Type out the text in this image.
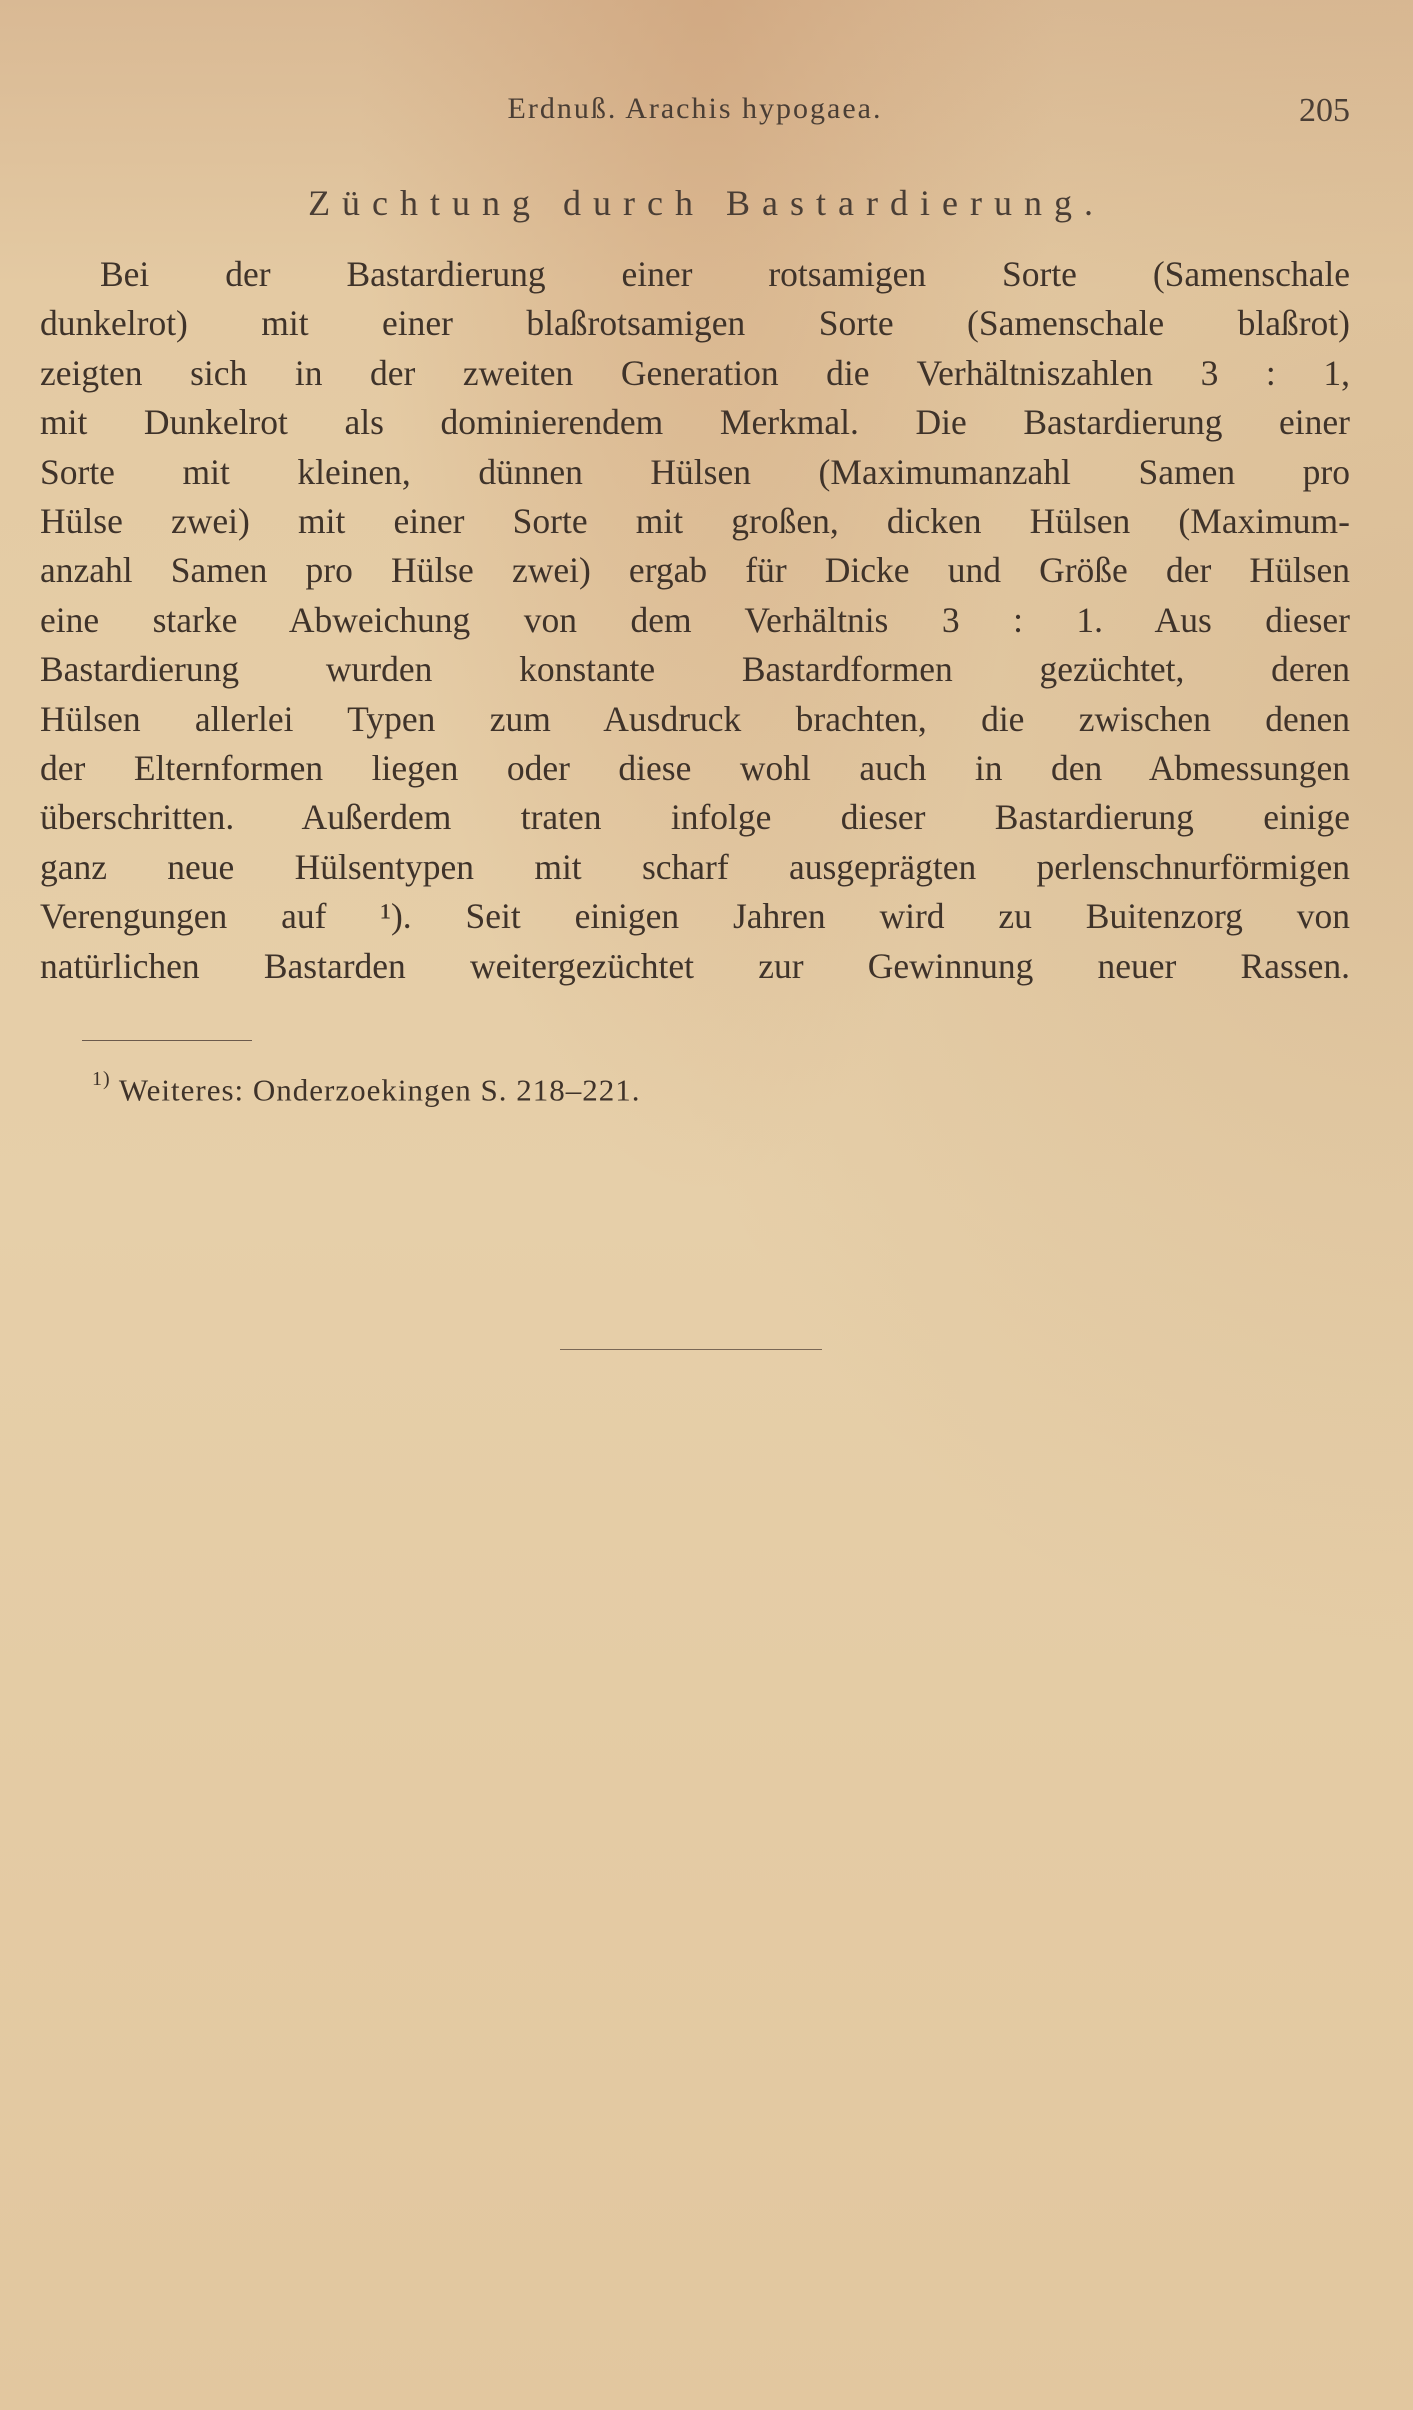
Erdnuß. Arachis hypogaea.	205
Züchtung durch Bastardierung.
Bei der Bastardierung einer rotsamigen Sorte (Samenschale
dunkelrot) mit einer blaßrotsamigen Sorte (Samenschale blaßrot)
zeigten sich in der zweiten Generation die Verhältniszahlen 3 : 1,
mit Dunkelrot als dominierendem Merkmal. Die Bastardierung einer
Sorte mit kleinen, dünnen Hülsen (Maximumanzahl Samen pro
Hülse zwei) mit einer Sorte mit großen, dicken Hülsen (Maximum-
anzahl Samen pro Hülse zwei) ergab für Dicke und Größe der Hülsen
eine starke Abweichung von dem Verhältnis 3 : 1. Aus dieser
Bastardierung wurden konstante Bastardformen gezüchtet, deren
Hülsen allerlei Typen zum Ausdruck brachten, die zwischen denen
der Elternformen liegen oder diese wohl auch in den Abmessungen
überschritten. Außerdem traten infolge dieser Bastardierung einige
ganz neue Hülsentypen mit scharf ausgeprägten perlenschnurförmigen
Verengungen auf ¹). Seit einigen Jahren wird zu Buitenzorg von
natürlichen Bastarden weitergezüchtet zur Gewinnung neuer Rassen.
$^{1)}$ Weiteres: Onderzoekingen S. 218–221.
